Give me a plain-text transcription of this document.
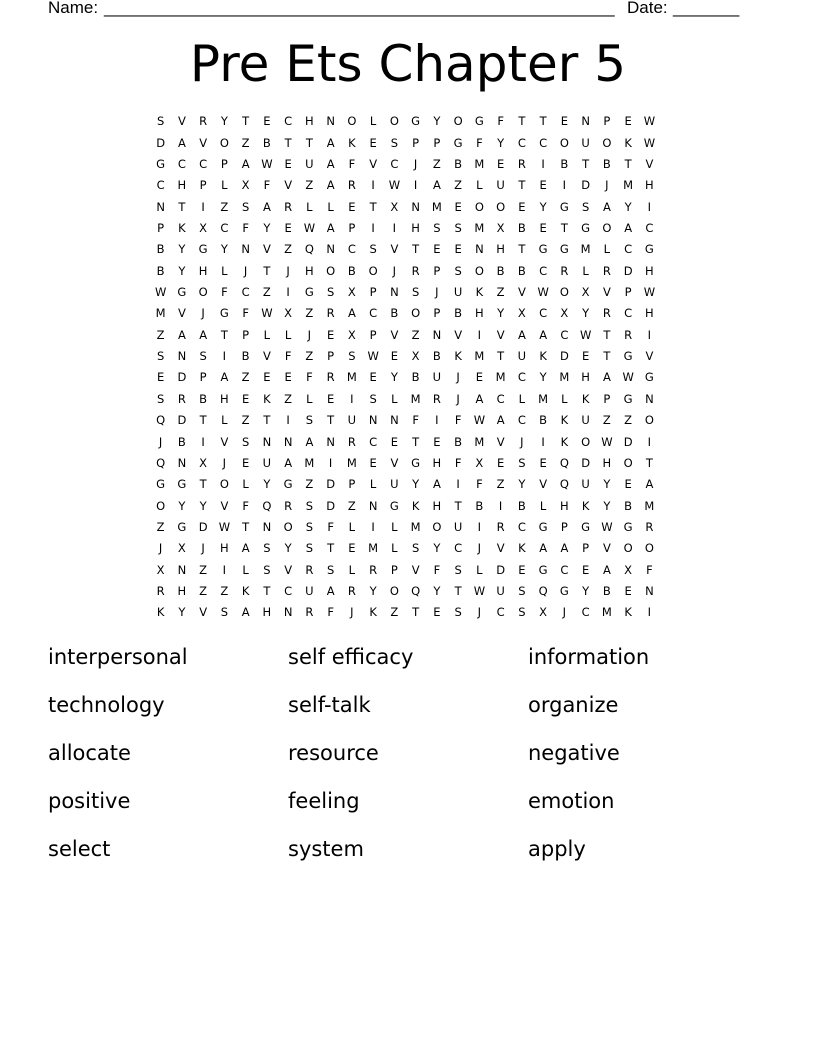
Name: ______________________________________________________ Date: _______
Pre Ets Chapter 5
S	V	R	Y	T	E	C	H	N	O	L	O	G	Y	O	G	F	T	T	E	N	P	E	W
D	A	V	O	Z	B	T	T	A	K	E	S	P	P	G	F	Y	C	C	O	U	O	K	W
G	C	C	P	A	W	E	U	A	F	V	C	J	Z	B	M	E	R	I	B	T	B	T	V
C	H	P	L	X	F	V	Z	A	R	I	W	I	A	Z	L	U	T	E	I	D	J	M	H
N	T	I	Z	S	A	R	L	L	E	T	X	N	M	E	O	O	E	Y	G	S	A	Y	I
P	K	X	C	F	Y	E	W	A	P	I	I	H	S	S	M	X	B	E	T	G	O	A	C
B	Y	G	Y	N	V	Z	Q	N	C	S	V	T	E	E	N	H	T	G	G	M	L	C	G
B	Y	H	L	J	T	J	H	O	B	O	J	R	P	S	O	B	B	C	R	L	R	D	H
W G	O	F	C	Z	I	G	S	X	P	N	S	J	U	K	Z	V	W O	X	V	P	W
M	V	J	G	F	W	X	Z	R	A	C	B	O	P	B	H	Y	X	C	X	Y	R	C	H
Z	A	A	T	P	L	L	J	E	X	P	V	Z	N	V	I	V	A	A	C	W	T	R	I
S	N	S	I	B	V	F	Z	P	S	W	E	X	B	K	M	T	U	K	D	E	T	G	V
E	D	P	A	Z	E	E	F	R	M	E	Y	B	U	J	E	M	C	Y	M	H	A	W G
S	R	B	H	E	K	Z	L	E	I	S	L	M	R	J	A	C	L	M	L	K	P	G	N
Q	D	T	L	Z	T	I	S	T	U	N	N	F	I	F	W	A	C	B	K	U	Z	Z	O
J	B	I	V	S	N	N	A	N	R	C	E	T	E	B	M	V	J	I	K	O W D	I
Q	N	X	J	E	U	A	M	I	M	E	V	G	H	F	X	E	S	E	Q	D	H	O	T
G	G	T	O	L	Y	G	Z	D	P	L	U	Y	A	I	F	Z	Y	V	Q	U	Y	E	A
O	Y	Y	V	F	Q	R	S	D	Z	N	G	K	H	T	B	I	B	L	H	K	Y	B	M
Z	G	D W	T	N	O	S	F	L	I	L	M	O	U	I	R	C	G	P	G W G	R
J	X	J	H	A	S	Y	S	T	E	M	L	S	Y	C	J	V	K	A	A	P	V	O	O
X	N	Z	I	L	S	V	R	S	L	R	P	V	F	S	L	D	E	G	C	E	A	X	F
R	H	Z	Z	K	T	C	U	A	R	Y	O	Q	Y	T	W U	S	Q	G	Y	B	E	N
K	Y	V	S	A	H	N	R	F	J	K	Z	T	E	S	J	C	S	X	J	C	M	K	I
interpersonal	self efficacy	information
technology	self-talk	organize
allocate	resource	negative
positive	feeling	emotion
select	system	apply
